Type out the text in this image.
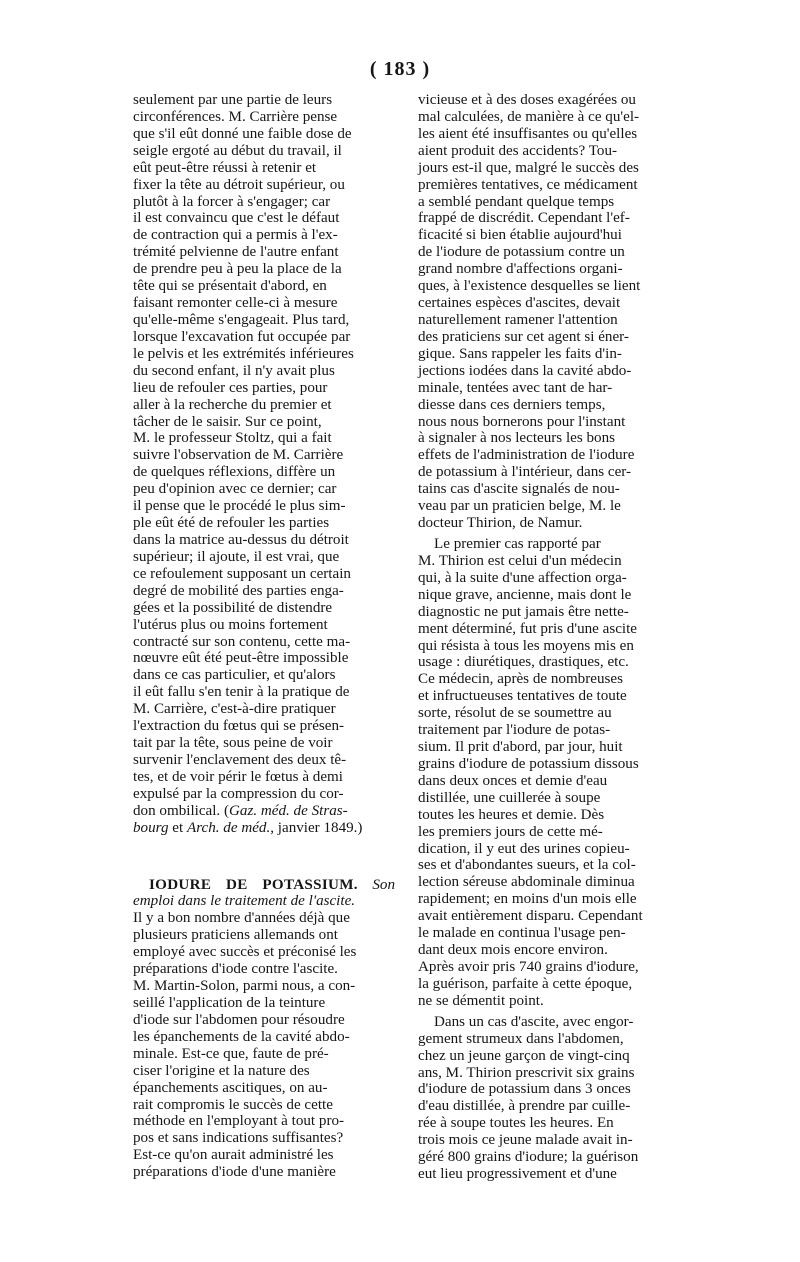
( 183 )

seulement par une partie de leurs
circonférences. M. Carrière pense
que s'il eût donné une faible dose de
seigle ergoté au début du travail, il
eût peut-être réussi à retenir et
fixer la tête au détroit supérieur, ou
plutôt à la forcer à s'engager; car
il est convaincu que c'est le défaut
de contraction qui a permis à l'ex-
trémité pelvienne de l'autre enfant
de prendre peu à peu la place de la
tête qui se présentait d'abord, en
faisant remonter celle-ci à mesure
qu'elle-même s'engageait. Plus tard,
lorsque l'excavation fut occupée par
le pelvis et les extrémités inférieures
du second enfant, il n'y avait plus
lieu de refouler ces parties, pour
aller à la recherche du premier et
tâcher de le saisir. Sur ce point,
M. le professeur Stoltz, qui a fait
suivre l'observation de M. Carrière
de quelques réflexions, diffère un
peu d'opinion avec ce dernier; car
il pense que le procédé le plus sim-
ple eût été de refouler les parties
dans la matrice au-dessus du détroit
supérieur; il ajoute, il est vrai, que
ce refoulement supposant un certain
degré de mobilité des parties enga-
gées et la possibilité de distendre
l'utérus plus ou moins fortement
contracté sur son contenu, cette ma-
nœuvre eût été peut-être impossible
dans ce cas particulier, et qu'alors
il eût fallu s'en tenir à la pratique de
M. Carrière, c'est-à-dire pratiquer
l'extraction du fœtus qui se présen-
tait par la tête, sous peine de voir
survenir l'enclavement des deux tê-
tes, et de voir périr le fœtus à demi
expulsé par la compression du cor-
don ombilical. (Gaz. méd. de Stras-
bourg et Arch. de méd., janvier 1849.)

IODURE DE POTASSIUM. Son emploi dans le traitement de l'ascite.
Il y a bon nombre d'années déjà que
plusieurs praticiens allemands ont
employé avec succès et préconisé les
préparations d'iode contre l'ascite.
M. Martin-Solon, parmi nous, a con-
seillé l'application de la teinture
d'iode sur l'abdomen pour résoudre
les épanchements de la cavité abdo-
minale. Est-ce que, faute de pré-
ciser l'origine et la nature des
épanchements ascitiques, on au-
rait compromis le succès de cette
méthode en l'employant à tout pro-
pos et sans indications suffisantes?
Est-ce qu'on aurait administré les
préparations d'iode d'une manière

vicieuse et à des doses exagérées ou
mal calculées, de manière à ce qu'el-
les aient été insuffisantes ou qu'elles
aient produit des accidents? Tou-
jours est-il que, malgré le succès des
premières tentatives, ce médicament
a semblé pendant quelque temps
frappé de discrédit. Cependant l'ef-
ficacité si bien établie aujourd'hui
de l'iodure de potassium contre un
grand nombre d'affections organi-
ques, à l'existence desquelles se lient
certaines espèces d'ascites, devait
naturellement ramener l'attention
des praticiens sur cet agent si éner-
gique. Sans rappeler les faits d'in-
jections iodées dans la cavité abdo-
minale, tentées avec tant de har-
diesse dans ces derniers temps,
nous nous bornerons pour l'instant
à signaler à nos lecteurs les bons
effets de l'administration de l'iodure
de potassium à l'intérieur, dans cer-
tains cas d'ascite signalés de nou-
veau par un praticien belge, M. le
docteur Thirion, de Namur.

Le premier cas rapporté par
M. Thirion est celui d'un médecin
qui, à la suite d'une affection orga-
nique grave, ancienne, mais dont le
diagnostic ne put jamais être nette-
ment déterminé, fut pris d'une ascite
qui résista à tous les moyens mis en
usage : diurétiques, drastiques, etc.
Ce médecin, après de nombreuses
et infructueuses tentatives de toute
sorte, résolut de se soumettre au
traitement par l'iodure de potas-
sium. Il prit d'abord, par jour, huit
grains d'iodure de potassium dissous
dans deux onces et demie d'eau
distillée, une cuillerée à soupe
toutes les heures et demie. Dès
les premiers jours de cette mé-
dication, il y eut des urines copieu-
ses et d'abondantes sueurs, et la col-
lection séreuse abdominale diminua
rapidement; en moins d'un mois elle
avait entièrement disparu. Cependant
le malade en continua l'usage pen-
dant deux mois encore environ.
Après avoir pris 740 grains d'iodure,
la guérison, parfaite à cette époque,
ne se démentit point.

Dans un cas d'ascite, avec engor-
gement strumeux dans l'abdomen,
chez un jeune garçon de vingt-cinq
ans, M. Thirion prescrivit six grains
d'iodure de potassium dans 3 onces
d'eau distillée, à prendre par cuille-
rée à soupe toutes les heures. En
trois mois ce jeune malade avait in-
géré 800 grains d'iodure; la guérison
eut lieu progressivement et d'une
